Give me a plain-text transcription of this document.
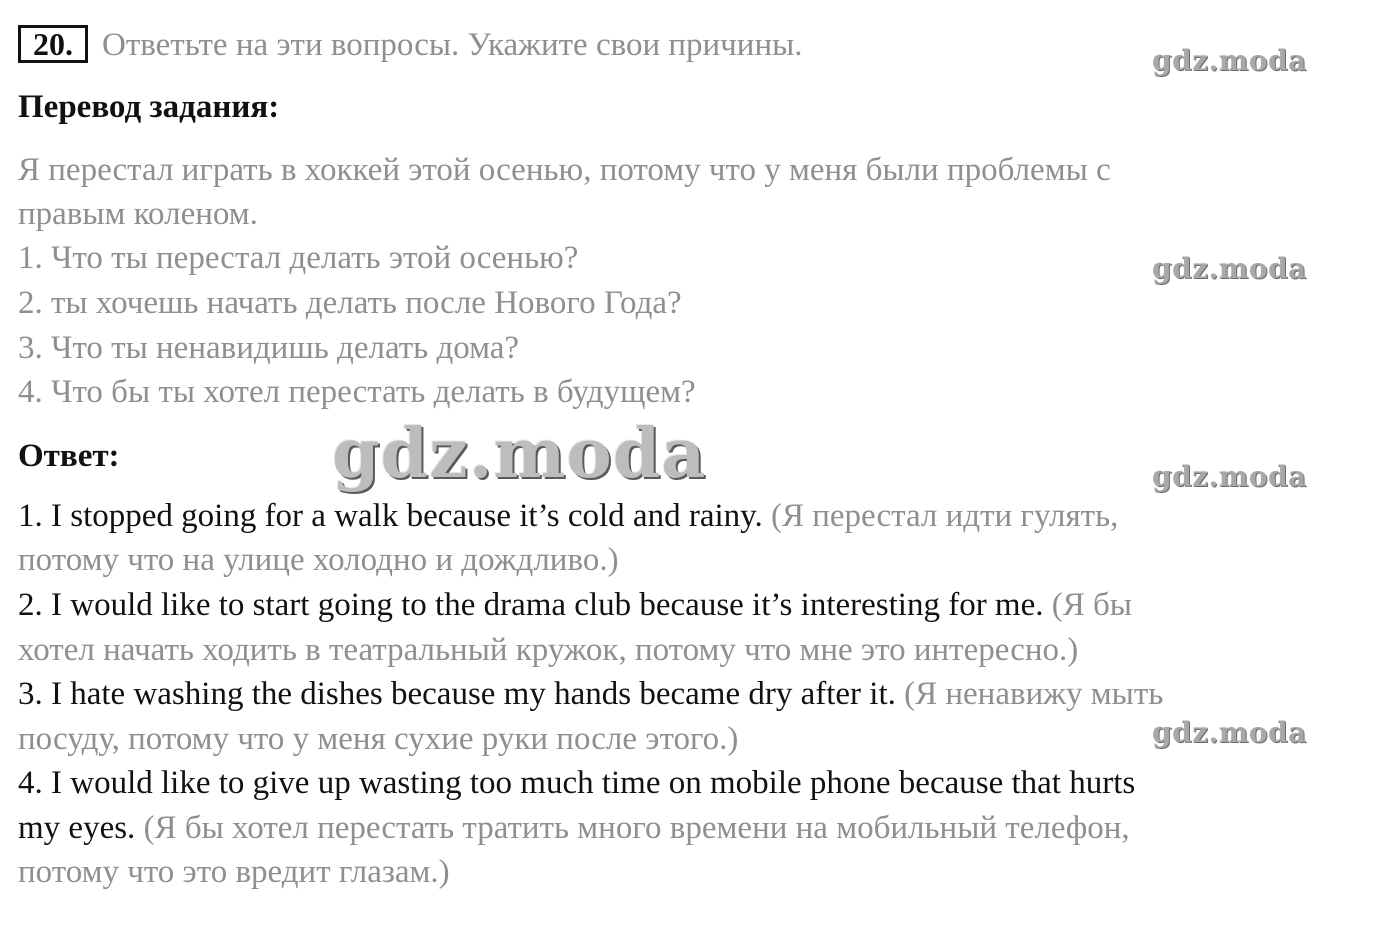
20. Ответьте на эти вопросы. Укажите свои причины.
Перевод задания:
Я перестал играть в хоккей этой осенью, потому что у меня были проблемы с
правым коленом.
1. Что ты перестал делать этой осенью?
2. ты хочешь начать делать после Нового Года?
3. Что ты ненавидишь делать дома?
4. Что бы ты хотел перестать делать в будущем?
Ответ:
1. I stopped going for a walk because it’s cold and rainy. (Я перестал идти гулять,
потому что на улице холодно и дождливо.)
2. I would like to start going to the drama club because it’s interesting for me. (Я бы
хотел начать ходить в театральный кружок, потому что мне это интересно.)
3. I hate washing the dishes because my hands became dry after it. (Я ненавижу мыть
посуду, потому что у меня сухие руки после этого.)
4. I would like to give up wasting too much time on mobile phone because that hurts
my eyes. (Я бы хотел перестать тратить много времени на мобильный телефон,
потому что это вредит глазам.)
gdz.moda
gdz.moda
gdz.moda
gdz.moda
gdz.moda
